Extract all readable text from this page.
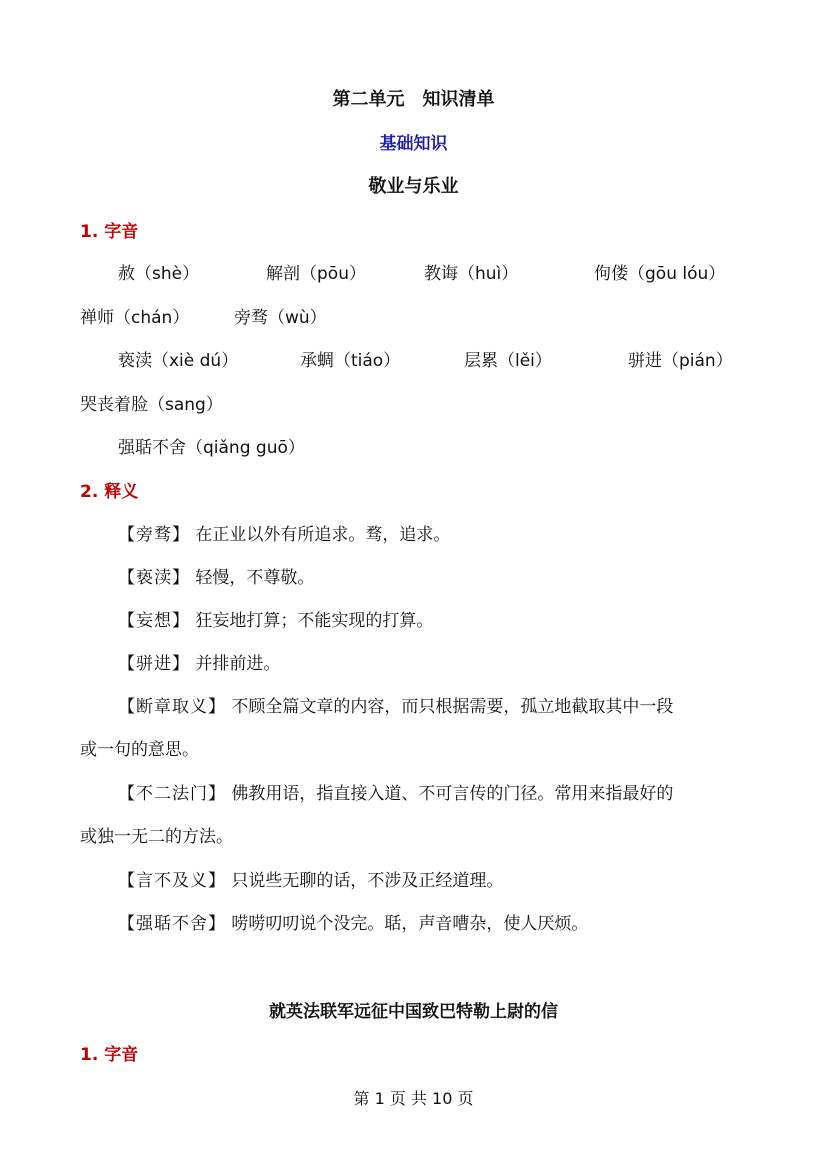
第二单元　知识清单
基础知识
敬业与乐业
1. 字音
赦（shè）	解剖（pōu）	教诲（huì）	佝偻（gōu lóu）
禅师（chán）	旁骛（wù）
亵渎（xiè dú）	承蜩（tiáo）	层累（lěi）	骈进（pián）
哭丧着脸（sang）
强聒不舍（qiǎng guō）
2. 释义
【旁骛】 在正业以外有所追求。骛，追求。
【亵渎】 轻慢，不尊敬。
【妄想】 狂妄地打算；不能实现的打算。
【骈进】 并排前进。
【断章取义】 不顾全篇文章的内容，而只根据需要，孤立地截取其中一段
或一句的意思。
【不二法门】 佛教用语，指直接入道、不可言传的门径。常用来指最好的
或独一无二的方法。
【言不及义】 只说些无聊的话，不涉及正经道理。
【强聒不舍】 唠唠叨叨说个没完。聒，声音嘈杂，使人厌烦。
就英法联军远征中国致巴特勒上尉的信
1. 字音
第 1 页 共 10 页
